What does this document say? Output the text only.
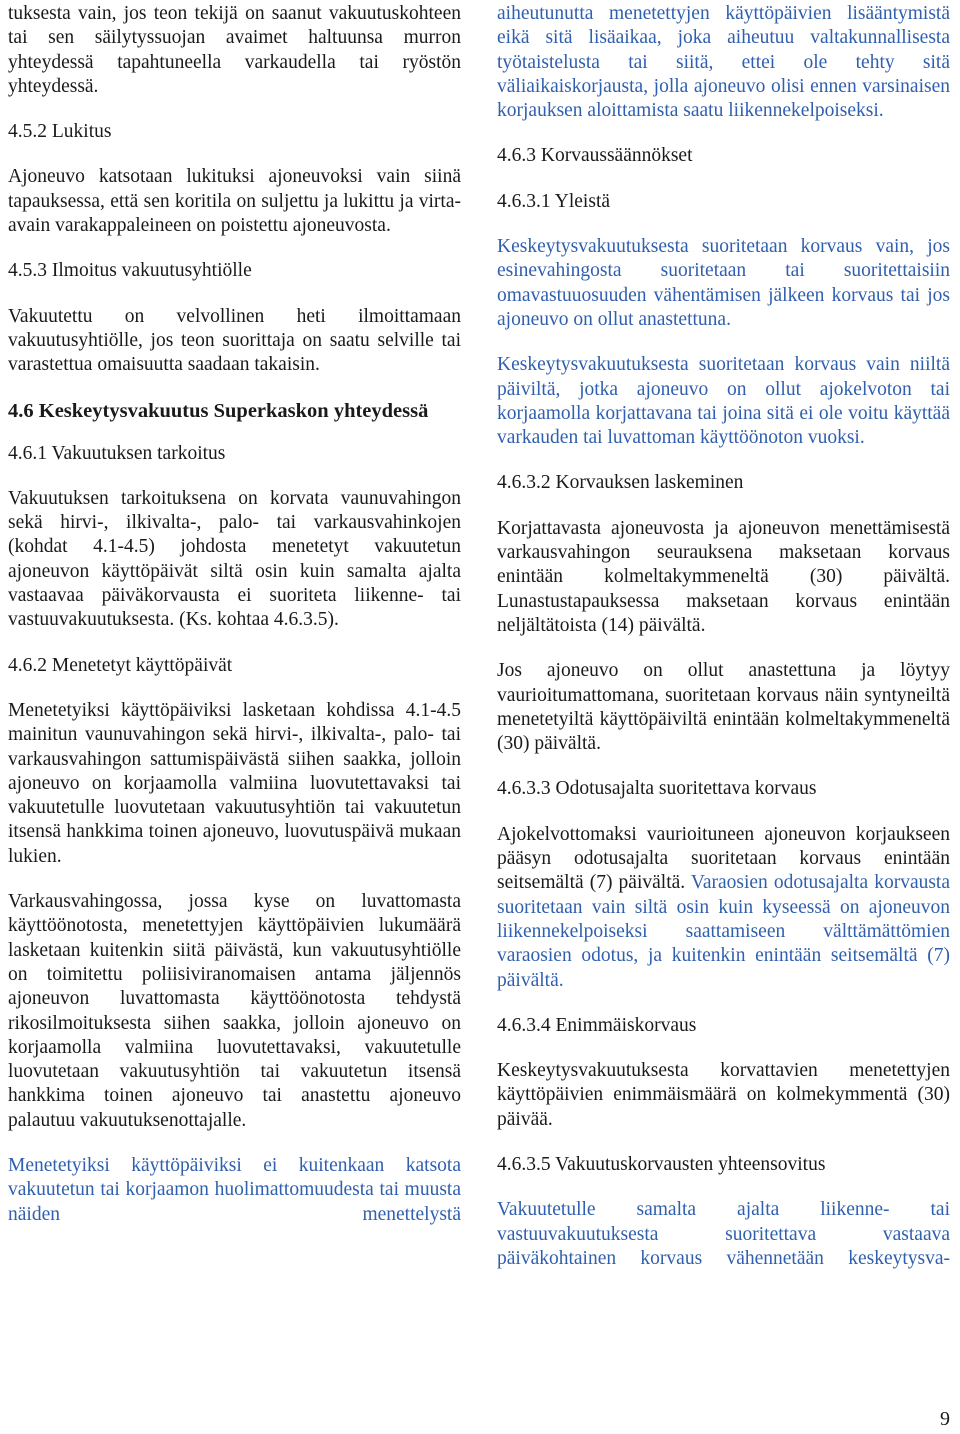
tuksesta vain, jos teon tekijä on saanut vakuutuskohteen tai sen säilytyssuojan avaimet haltuunsa murron yhteydessä tapahtuneella varkaudella tai ryöstön yhteydessä.

4.5.2 Lukitus

Ajoneuvo katsotaan lukituksi ajoneuvoksi vain siinä tapauksessa, että sen koritila on suljettu ja lukittu ja virta-avain varakappaleineen on poistettu ajoneuvosta.

4.5.3 Ilmoitus vakuutusyhtiölle

Vakuutettu on velvollinen heti ilmoittamaan vakuutusyhtiölle, jos teon suorittaja on saatu selville tai varastettua omaisuutta saadaan takaisin.

4.6 Keskeytysvakuutus Superkaskon yhteydessä
4.6.1 Vakuutuksen tarkoitus

Vakuutuksen tarkoituksena on korvata vaunuvahingon sekä hirvi-, ilkivalta-, palo- tai varkausvahinkojen (kohdat 4.1-4.5) johdosta menetetyt vakuutetun ajoneuvon käyttöpäivät siltä osin kuin samalta ajalta vastaavaa päiväkorvausta ei suoriteta liikenne- tai vastuuvakuutuksesta. (Ks. kohtaa 4.6.3.5).

4.6.2 Menetetyt käyttöpäivät

Menetetyiksi käyttöpäiviksi lasketaan kohdissa 4.1-4.5 mainitun vaunuvahingon sekä hirvi-, ilkivalta-, palo- tai varkausvahingon sattumispäivästä siihen saakka, jolloin ajoneuvo on korjaamolla valmiina luovutettavaksi tai vakuutetulle luovutetaan vakuutusyhtiön tai vakuutetun itsensä hankkima toinen ajoneuvo, luovutuspäivä mukaan lukien.

Varkausvahingossa, jossa kyse on luvattomasta käyttöönotosta, menetettyjen käyttöpäivien lukumäärä lasketaan kuitenkin siitä päivästä, kun vakuutusyhtiölle on toimitettu poliisiviranomaisen antama jäljennös ajoneuvon luvattomasta käyttöönotosta tehdystä rikosilmoituksesta siihen saakka, jolloin ajoneuvo on korjaamolla valmiina luovutettavaksi, vakuutetulle luovutetaan vakuutusyhtiön tai vakuutetun itsensä hankkima toinen ajoneuvo tai anastettu ajoneuvo palautuu vakuutuksenottajalle.

Menetetyiksi käyttöpäiviksi ei kuitenkaan katsota vakuutetun tai korjaamon huolimattomuudesta tai muusta näiden menettelystä

aiheutunutta menetettyjen käyttöpäivien lisääntymistä eikä sitä lisäaikaa, joka aiheutuu valtakunnallisesta työtaistelusta tai siitä, ettei ole tehty sitä väliaikaiskorjausta, jolla ajoneuvo olisi ennen varsinaisen korjauksen aloittamista saatu liikennekelpoiseksi.

4.6.3 Korvaussäännökset
4.6.3.1 Yleistä

Keskeytysvakuutuksesta suoritetaan korvaus vain, jos esinevahingosta suoritetaan tai suoritettaisiin omavastuuosuuden vähentämisen jälkeen korvaus tai jos ajoneuvo on ollut anastettuna.

Keskeytysvakuutuksesta suoritetaan korvaus vain niiltä päiviltä, jotka ajoneuvo on ollut ajokelvoton tai korjaamolla korjattavana tai joina sitä ei ole voitu käyttää varkauden tai luvattoman käyttöönoton vuoksi.

4.6.3.2 Korvauksen laskeminen

Korjattavasta ajoneuvosta ja ajoneuvon menettämisestä varkausvahingon seurauksena maksetaan korvaus enintään kolmeltakymmeneltä (30) päivältä. Lunastustapauksessa maksetaan korvaus enintään neljältätoista (14) päivältä.

Jos ajoneuvo on ollut anastettuna ja löytyy vaurioitumattomana, suoritetaan korvaus näin syntyneiltä menetetyiltä käyttöpäiviltä enintään kolmeltakymmeneltä (30) päivältä.

4.6.3.3 Odotusajalta suoritettava korvaus

Ajokelvottomaksi vaurioituneen ajoneuvon korjaukseen pääsyn odotusajalta suoritetaan korvaus enintään seitsemältä (7) päivältä. Varaosien odotusajalta korvausta suoritetaan vain siltä osin kuin kyseessä on ajoneuvon liikennekelpoiseksi saattamiseen välttämättömien varaosien odotus, ja kuitenkin enintään seitsemältä (7) päivältä.

4.6.3.4 Enimmäiskorvaus

Keskeytysvakuutuksesta korvattavien menetettyjen käyttöpäivien enimmäismäärä on kolmekymmentä (30) päivää.

4.6.3.5 Vakuutuskorvausten yhteensovitus

Vakuutetulle samalta ajalta liikenne- tai vastuuvakuutuksesta suoritettava vastaava päiväkohtainen korvaus vähennetään keskeytysva-

9
